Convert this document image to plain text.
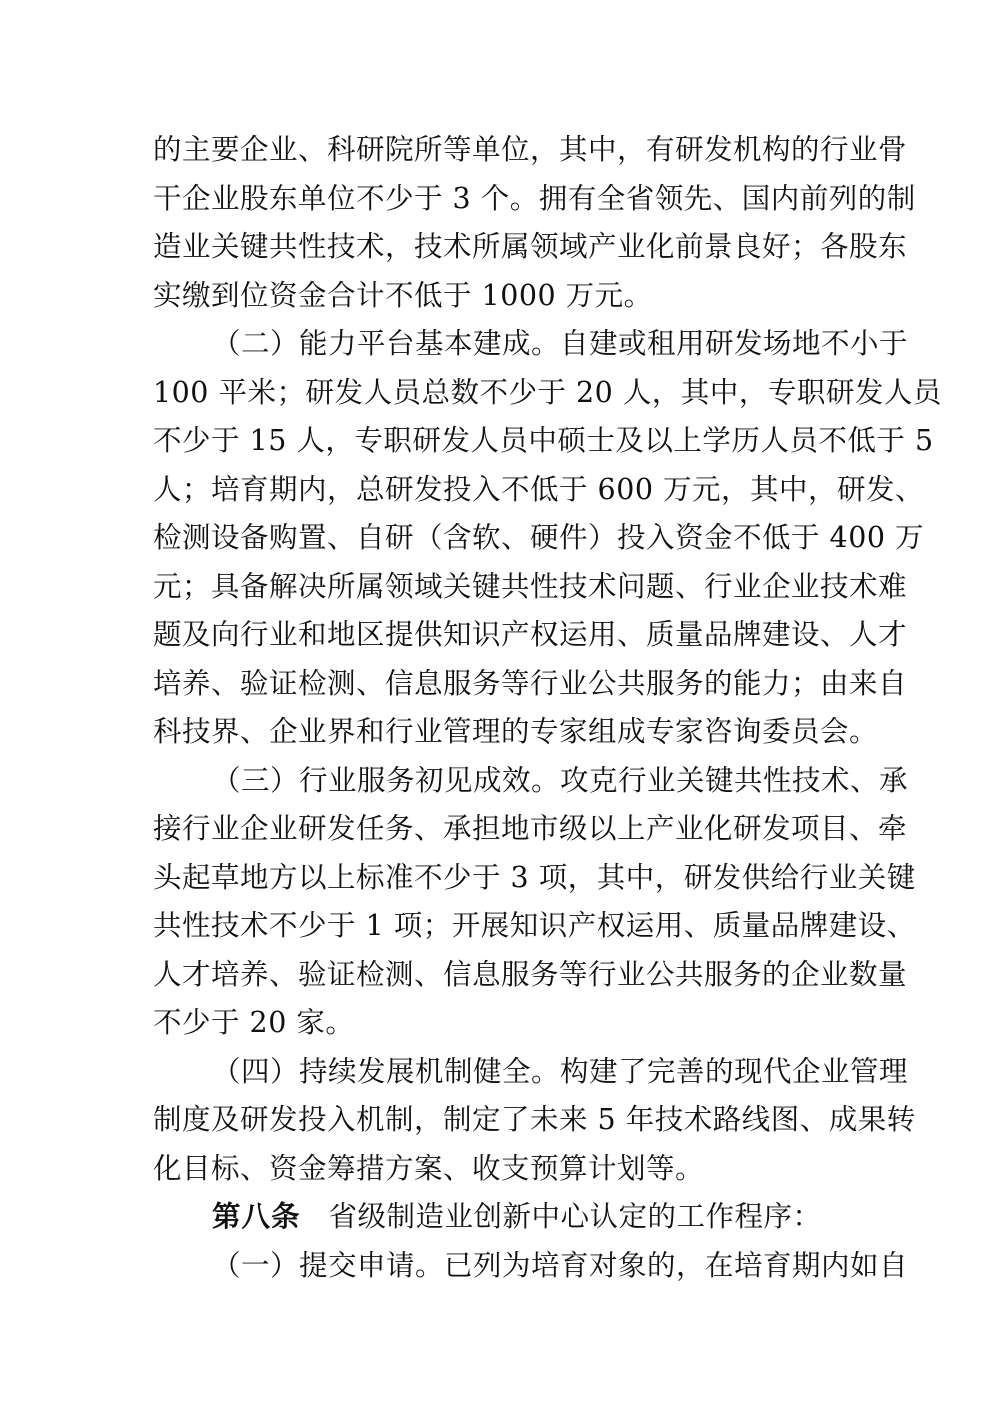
的主要企业、科研院所等单位，其中，有研发机构的行业骨
干企业股东单位不少于 3 个。拥有全省领先、国内前列的制
造业关键共性技术，技术所属领域产业化前景良好；各股东
实缴到位资金合计不低于 1000 万元。
（二）能力平台基本建成。自建或租用研发场地不小于
100 平米；研发人员总数不少于 20 人，其中，专职研发人员
不少于 15 人，专职研发人员中硕士及以上学历人员不低于 5
人；培育期内，总研发投入不低于 600 万元，其中，研发、
检测设备购置、自研（含软、硬件）投入资金不低于 400 万
元；具备解决所属领域关键共性技术问题、行业企业技术难
题及向行业和地区提供知识产权运用、质量品牌建设、人才
培养、验证检测、信息服务等行业公共服务的能力；由来自
科技界、企业界和行业管理的专家组成专家咨询委员会。
（三）行业服务初见成效。攻克行业关键共性技术、承
接行业企业研发任务、承担地市级以上产业化研发项目、牵
头起草地方以上标准不少于 3 项，其中，研发供给行业关键
共性技术不少于 1 项；开展知识产权运用、质量品牌建设、
人才培养、验证检测、信息服务等行业公共服务的企业数量
不少于 20 家。
（四）持续发展机制健全。构建了完善的现代企业管理
制度及研发投入机制，制定了未来 5 年技术路线图、成果转
化目标、资金筹措方案、收支预算计划等。
第八条 省级制造业创新中心认定的工作程序：
（一）提交申请。已列为培育对象的，在培育期内如自
